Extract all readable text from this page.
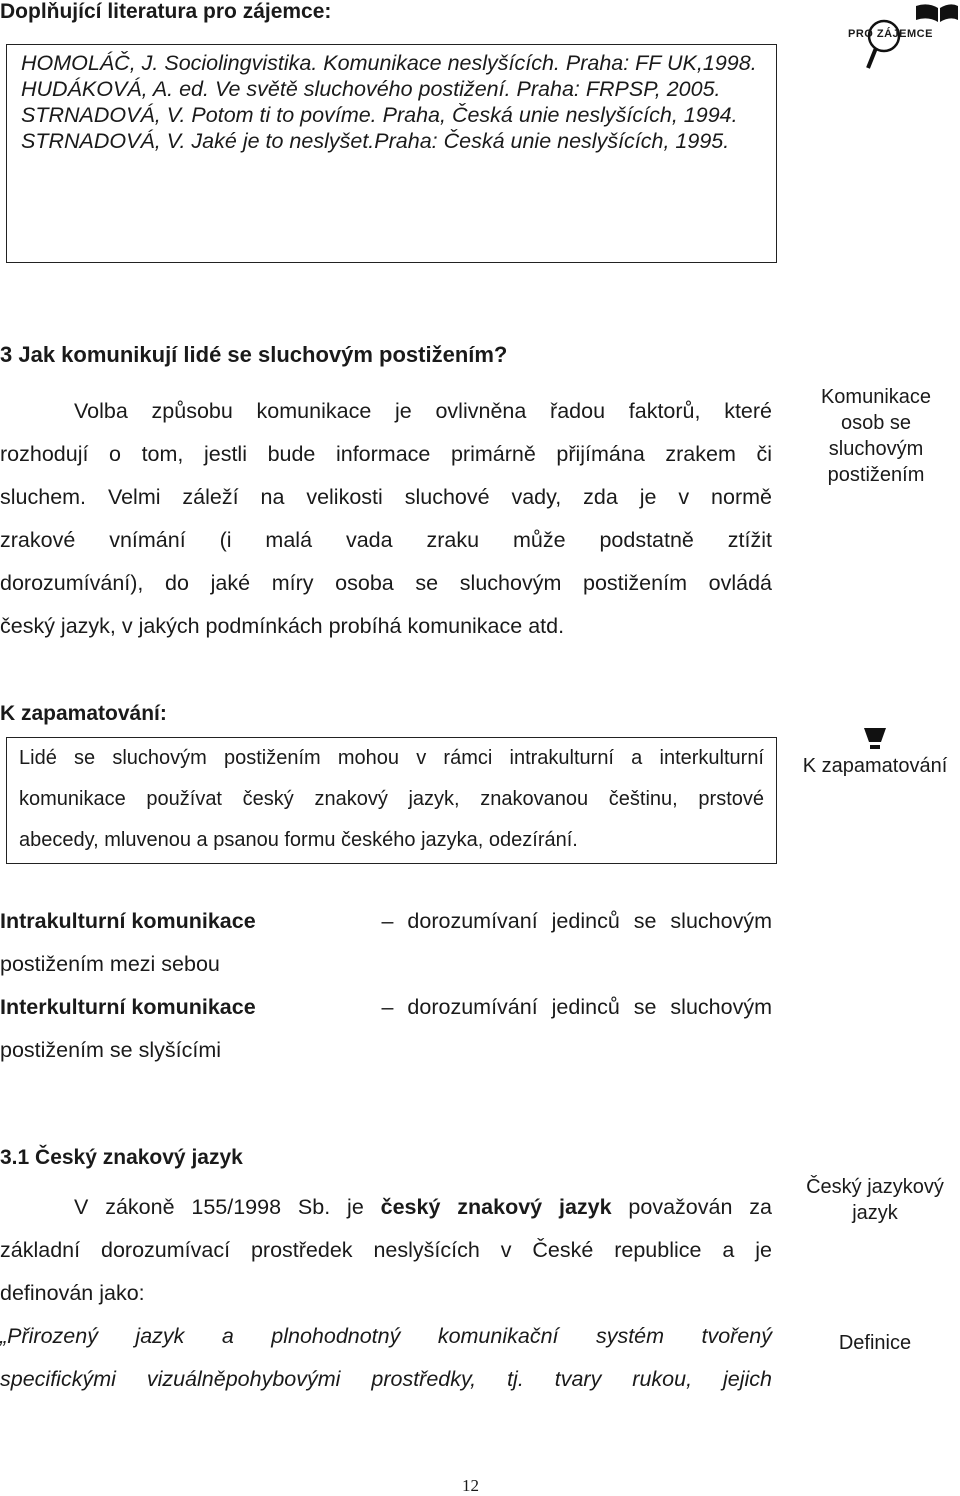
Doplňující literatura pro zájemce:
HOMOLÁČ, J. Sociolingvistika. Komunikace neslyšících. Praha: FF UK,1998.
HUDÁKOVÁ, A. ed. Ve světě sluchového postižení. Praha: FRPSP, 2005.
STRNADOVÁ, V. Potom ti to povíme. Praha, Česká unie neslyšících, 1994.
STRNADOVÁ, V. Jaké je to neslyšet.Praha: Česká unie neslyšících, 1995.
PRO ZÁJEMCE
3 Jak komunikují lidé se sluchovým postižením?
Volba způsobu komunikace je ovlivněna řadou faktorů, které
rozhodují o tom, jestli bude informace primárně přijímána zrakem či
sluchem. Velmi záleží na velikosti sluchové vady, zda je v normě
zrakové vnímání (i malá vada zraku může podstatně ztížit
dorozumívání), do jaké míry osoba se sluchovým postižením ovládá
český jazyk, v jakých podmínkách probíhá komunikace atd.
Komunikace
osob se
sluchovým
postižením
K zapamatování:
Lidé se sluchovým postižením mohou v rámci intrakulturní a interkulturní
komunikace používat český znakový jazyk, znakovanou češtinu, prstové
abecedy, mluvenou a psanou formu českého jazyka, odezírání.
K zapamatování
Intrakulturní komunikace	– dorozumívaní jedinců se sluchovým
postižením mezi sebou
Interkulturní komunikace	– dorozumívání jedinců se sluchovým
postižením se slyšícími
3.1 Český znakový jazyk
V zákoně 155/1998 Sb. je český znakový jazyk považován za
základní dorozumívací prostředek neslyšících v České republice a je
definován jako:
„Přirozený jazyk a plnohodnotný komunikační systém tvořený
specifickými vizuálněpohybovými prostředky, tj. tvary rukou, jejich
Český jazykový
jazyk
Definice
12
